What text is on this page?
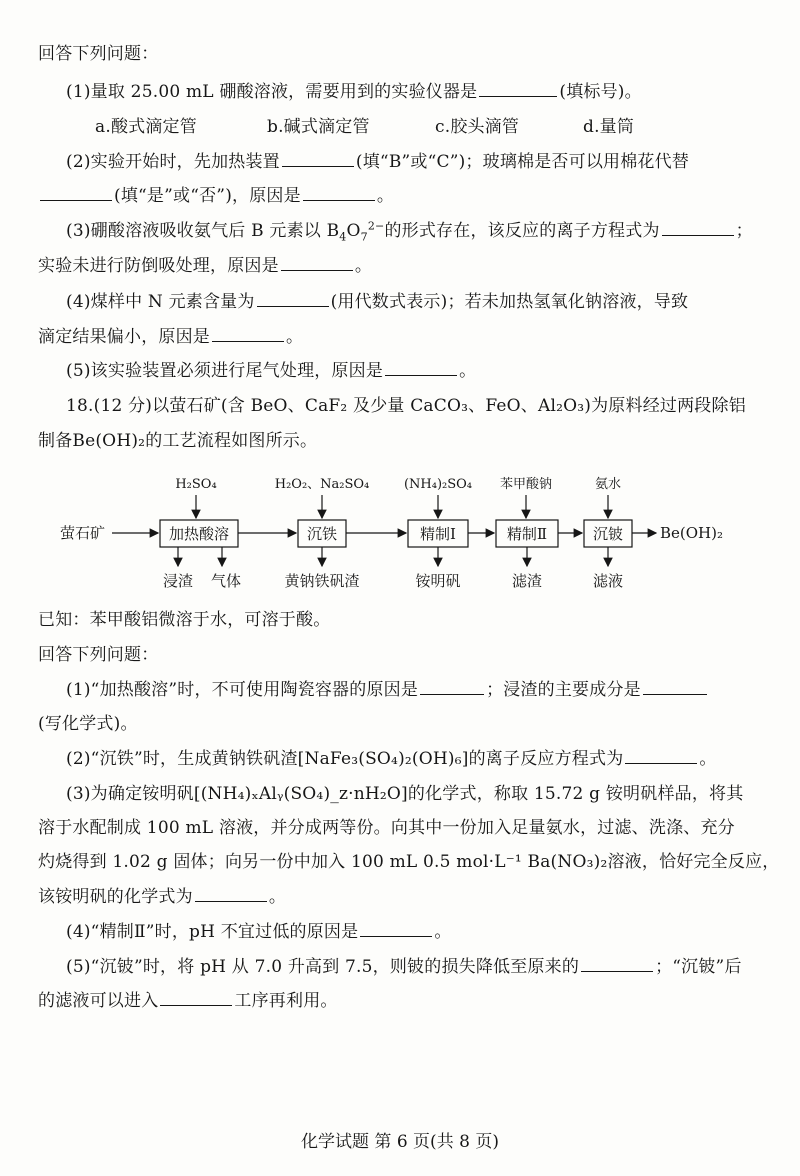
回答下列问题：
(1)量取 25.00 mL 硼酸溶液，需要用到的实验仪器是	(填标号)。
a.酸式滴定管	b.碱式滴定管	c.胶头滴管	d.量筒
(2)实验开始时，先加热装置	(填“B”或“C”)；玻璃棉是否可以用棉花代替
(填“是”或“否”)，原因是	。
(3)硼酸溶液吸收氨气后 B 元素以 $B_4O_7^{2-}$的形式存在，该反应的离子方程式为	；
实验未进行防倒吸处理，原因是	。
(4)煤样中 N 元素含量为	(用代数式表示)；若未加热氢氧化钠溶液，导致
滴定结果偏小，原因是	。
(5)该实验装置必须进行尾气处理，原因是	。
18.(12 分)以萤石矿(含 BeO、CaF₂ 及少量 CaCO₃、FeO、Al₂O₃)为原料经过两段除铝
制备Be(OH)₂的工艺流程如图所示。
H₂SO₄	H₂O₂、Na₂SO₄	(NH₄)₂SO₄ 苯甲酸钠	氨水
萤石矿	加热酸溶	沉铁	精制Ⅰ	精制Ⅱ	沉铍 Be(OH)₂
浸渣 气体	黄钠铁矾渣	铵明矾	滤渣	滤液
已知：苯甲酸铝微溶于水，可溶于酸。
回答下列问题：
(1)“加热酸溶”时，不可使用陶瓷容器的原因是	；浸渣的主要成分是
(写化学式)。
(2)“沉铁”时，生成黄钠铁矾渣[NaFe₃(SO₄)₂(OH)₆]的离子反应方程式为	。
(3)为确定铵明矾[(NH₄)ₓAlᵧ(SO₄)_z·nH₂O]的化学式，称取 15.72 g 铵明矾样品，将其
溶于水配制成 100 mL 溶液，并分成两等份。向其中一份加入足量氨水，过滤、洗涤、充分
灼烧得到 1.02 g 固体；向另一份中加入 100 mL 0.5 mol·L⁻¹ Ba(NO₃)₂溶液，恰好完全反应，
该铵明矾的化学式为	。
(4)“精制Ⅱ”时，pH 不宜过低的原因是	。
(5)“沉铍”时，将 pH 从 7.0 升高到 7.5，则铍的损失降低至原来的	；“沉铍”后
的滤液可以进入	工序再利用。
化学试题 第 6 页(共 8 页)
